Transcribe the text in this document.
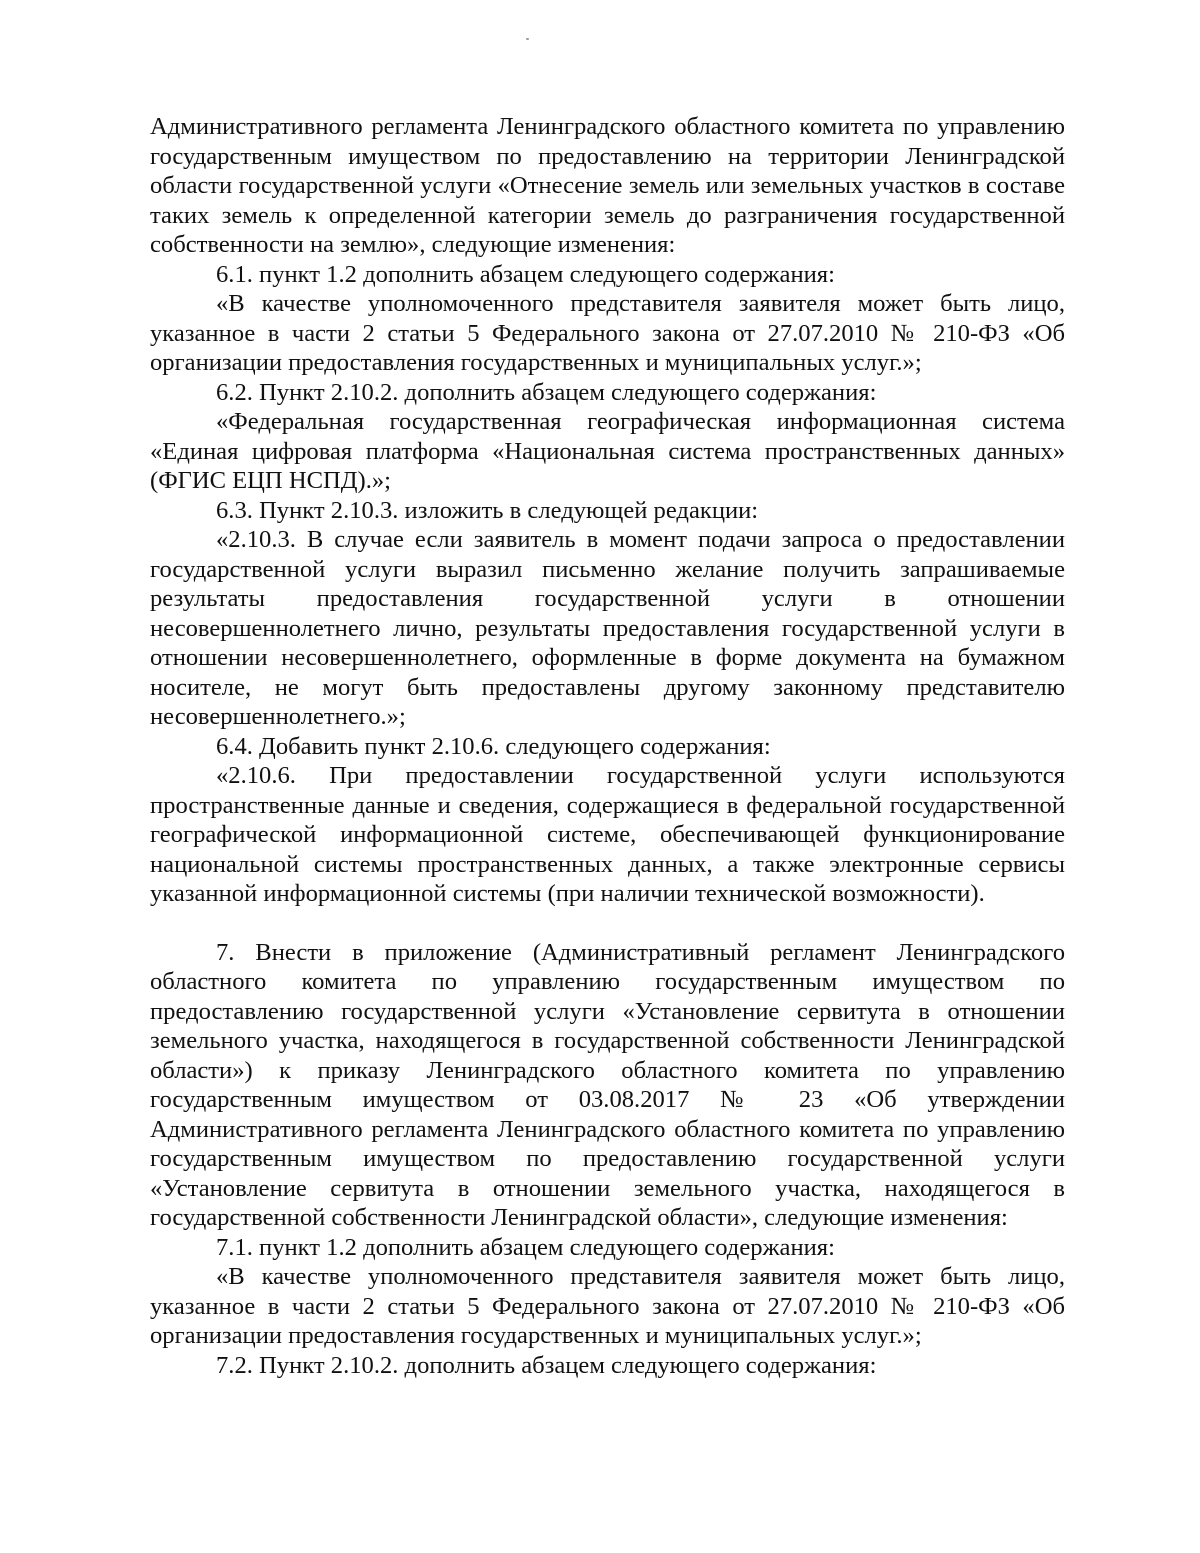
Административного регламента Ленинградского областного комитета по управлению государственным имуществом по предоставлению на территории Ленинградской области государственной услуги «Отнесение земель или земельных участков в составе таких земель к определенной категории земель до разграничения государственной собственности на землю», следующие изменения:

6.1. пункт 1.2 дополнить абзацем следующего содержания:

«В качестве уполномоченного представителя заявителя может быть лицо, указанное в части 2 статьи 5 Федерального закона от 27.07.2010 № 210-ФЗ «Об организации предоставления государственных и муниципальных услуг.»;

6.2. Пункт 2.10.2. дополнить абзацем следующего содержания:

«Федеральная государственная географическая информационная система «Единая цифровая платформа «Национальная система пространственных данных» (ФГИС ЕЦП НСПД).»;

6.3. Пункт 2.10.3. изложить в следующей редакции:

«2.10.3. В случае если заявитель в момент подачи запроса о предоставлении государственной услуги выразил письменно желание получить запрашиваемые результаты предоставления государственной услуги в отношении несовершеннолетнего лично, результаты предоставления государственной услуги в отношении несовершеннолетнего, оформленные в форме документа на бумажном носителе, не могут быть предоставлены другому законному представителю несовершеннолетнего.»;

6.4. Добавить пункт 2.10.6. следующего содержания:

«2.10.6. При предоставлении государственной услуги используются пространственные данные и сведения, содержащиеся в федеральной государственной географической информационной системе, обеспечивающей функционирование национальной системы пространственных данных, а также электронные сервисы указанной информационной системы (при наличии технической возможности).

7. Внести в приложение (Административный регламент Ленинградского областного комитета по управлению государственным имуществом по предоставлению государственной услуги «Установление сервитута в отношении земельного участка, находящегося в государственной собственности Ленинградской области») к приказу Ленинградского областного комитета по управлению государственным имуществом от 03.08.2017 № 23 «Об утверждении Административного регламента Ленинградского областного комитета по управлению государственным имуществом по предоставлению государственной услуги «Установление сервитута в отношении земельного участка, находящегося в государственной собственности Ленинградской области», следующие изменения:

7.1. пункт 1.2 дополнить абзацем следующего содержания:

«В качестве уполномоченного представителя заявителя может быть лицо, указанное в части 2 статьи 5 Федерального закона от 27.07.2010 № 210-ФЗ «Об организации предоставления государственных и муниципальных услуг.»;

7.2. Пункт 2.10.2. дополнить абзацем следующего содержания:
